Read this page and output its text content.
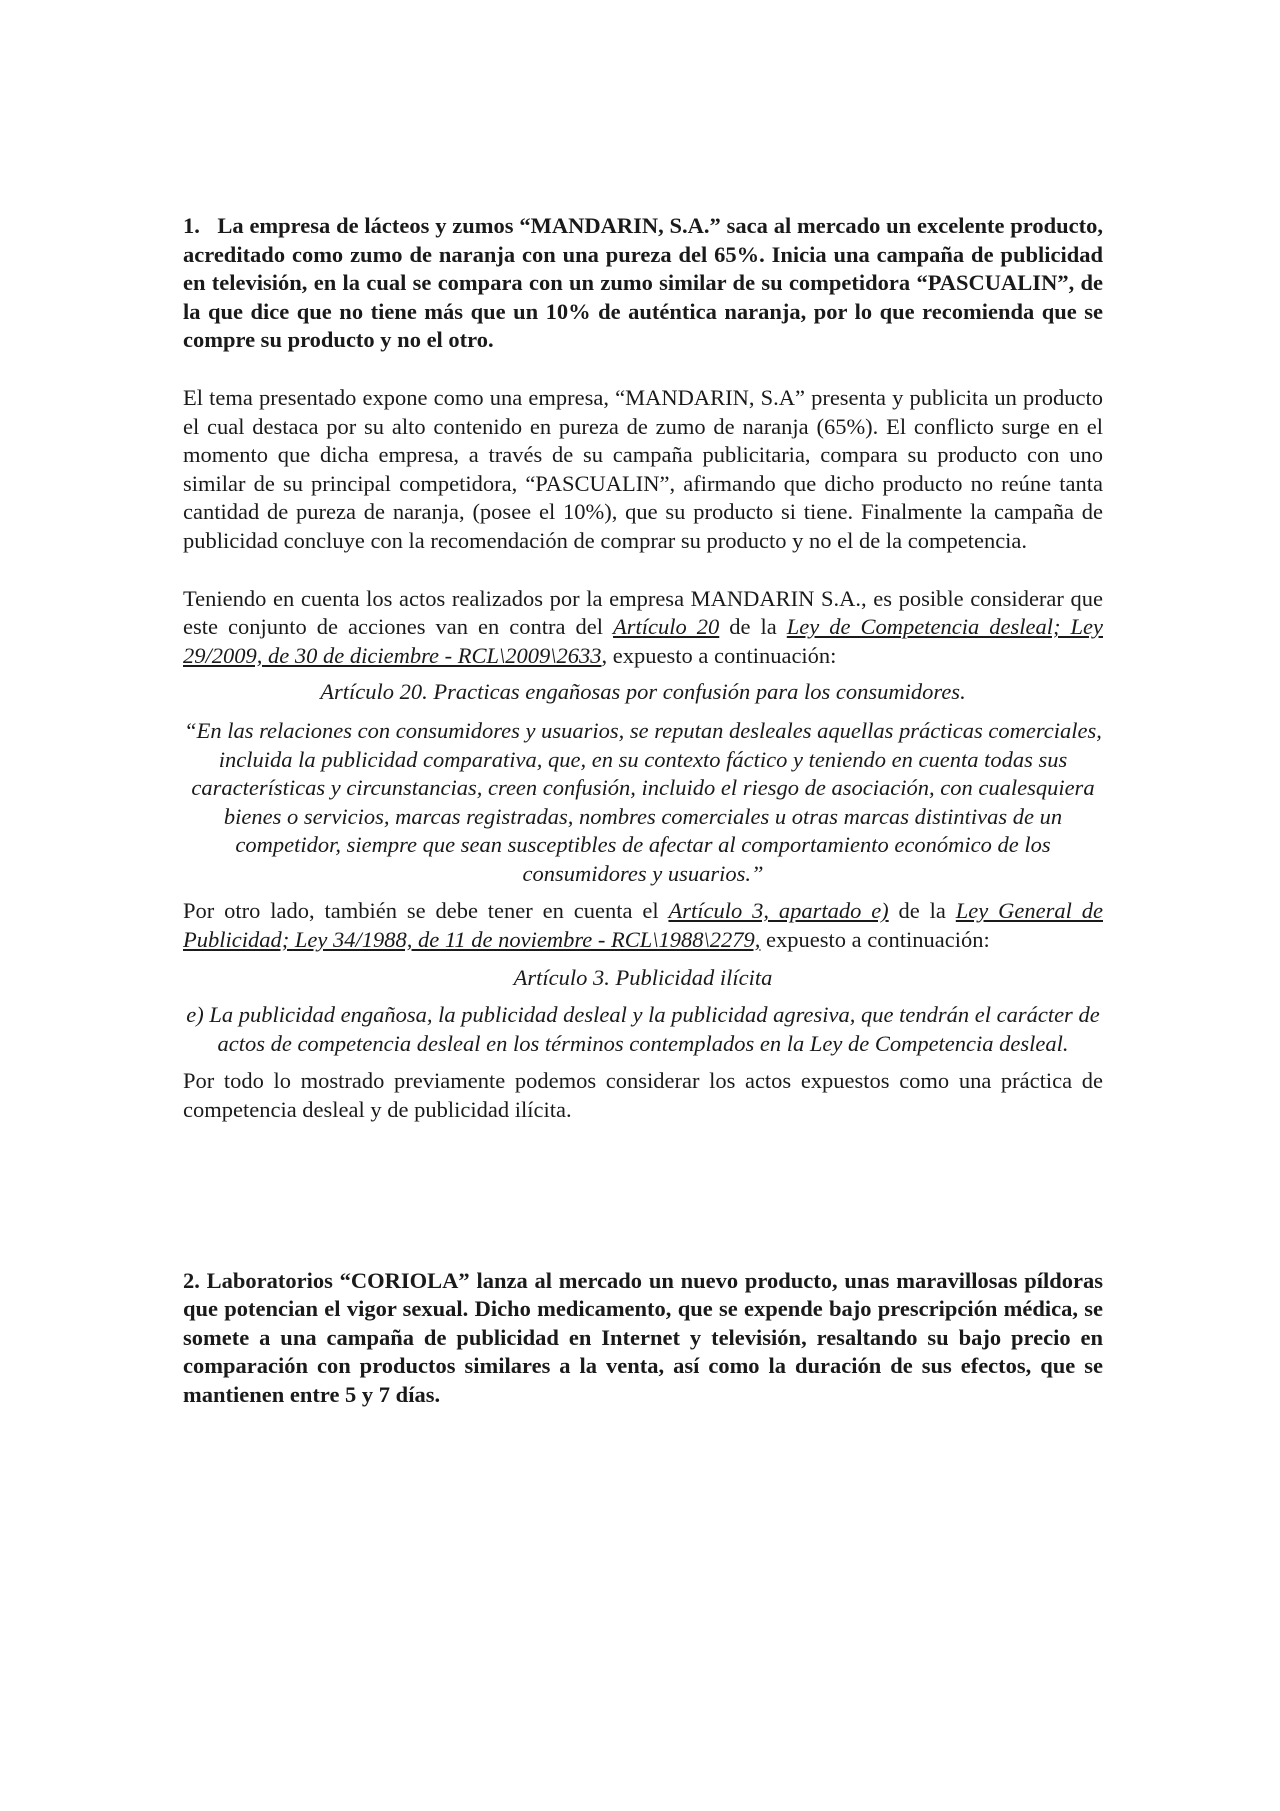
1. La empresa de lácteos y zumos “MANDARIN, S.A.” saca al mercado un excelente producto, acreditado como zumo de naranja con una pureza del 65%. Inicia una campaña de publicidad en televisión, en la cual se compara con un zumo similar de su competidora “PASCUALIN”, de la que dice que no tiene más que un 10% de auténtica naranja, por lo que recomienda que se compre su producto y no el otro.

El tema presentado expone como una empresa, “MANDARIN, S.A” presenta y publicita un producto el cual destaca por su alto contenido en pureza de zumo de naranja (65%). El conflicto surge en el momento que dicha empresa, a través de su campaña publicitaria, compara su producto con uno similar de su principal competidora, “PASCUALIN”, afirmando que dicho producto no reúne tanta cantidad de pureza de naranja, (posee el 10%), que su producto si tiene. Finalmente la campaña de publicidad concluye con la recomendación de comprar su producto y no el de la competencia.

Teniendo en cuenta los actos realizados por la empresa MANDARIN S.A., es posible considerar que este conjunto de acciones van en contra del Artículo 20 de la Ley de Competencia desleal; Ley 29/2009, de 30 de diciembre - RCL\2009\2633, expuesto a continuación:

Artículo 20. Practicas engañosas por confusión para los consumidores.

“En las relaciones con consumidores y usuarios, se reputan desleales aquellas prácticas comerciales, incluida la publicidad comparativa, que, en su contexto fáctico y teniendo en cuenta todas sus características y circunstancias, creen confusión, incluido el riesgo de asociación, con cualesquiera bienes o servicios, marcas registradas, nombres comerciales u otras marcas distintivas de un competidor, siempre que sean susceptibles de afectar al comportamiento económico de los consumidores y usuarios.”

Por otro lado, también se debe tener en cuenta el Artículo 3, apartado e) de la Ley General de Publicidad; Ley 34/1988, de 11 de noviembre - RCL\1988\2279, expuesto a continuación:

Artículo 3. Publicidad ilícita

e) La publicidad engañosa, la publicidad desleal y la publicidad agresiva, que tendrán el carácter de actos de competencia desleal en los términos contemplados en la Ley de Competencia desleal.

Por todo lo mostrado previamente podemos considerar los actos expuestos como una práctica de competencia desleal y de publicidad ilícita.

2. Laboratorios “CORIOLA” lanza al mercado un nuevo producto, unas maravillosas píldoras que potencian el vigor sexual. Dicho medicamento, que se expende bajo prescripción médica, se somete a una campaña de publicidad en Internet y televisión, resaltando su bajo precio en comparación con productos similares a la venta, así como la duración de sus efectos, que se mantienen entre 5 y 7 días.
